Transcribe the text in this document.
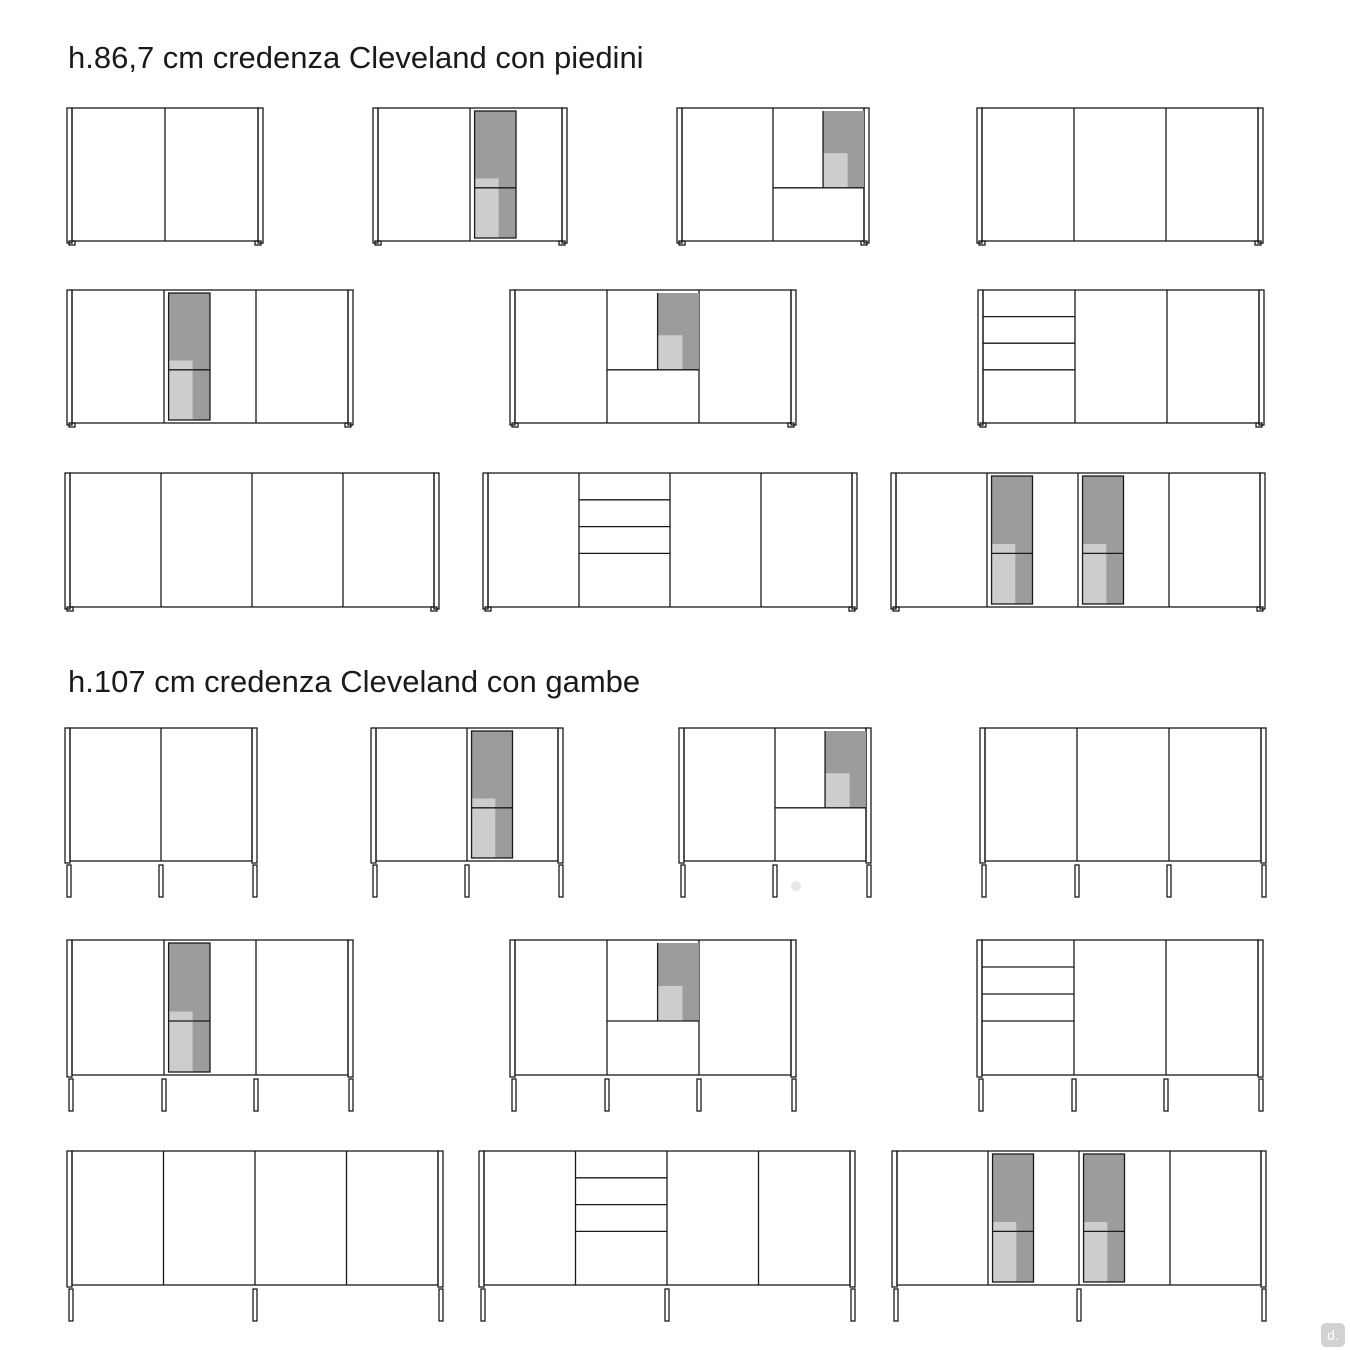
h.86,7 cm credenza Cleveland con piedini
h.107 cm credenza Cleveland con gambe
d.
